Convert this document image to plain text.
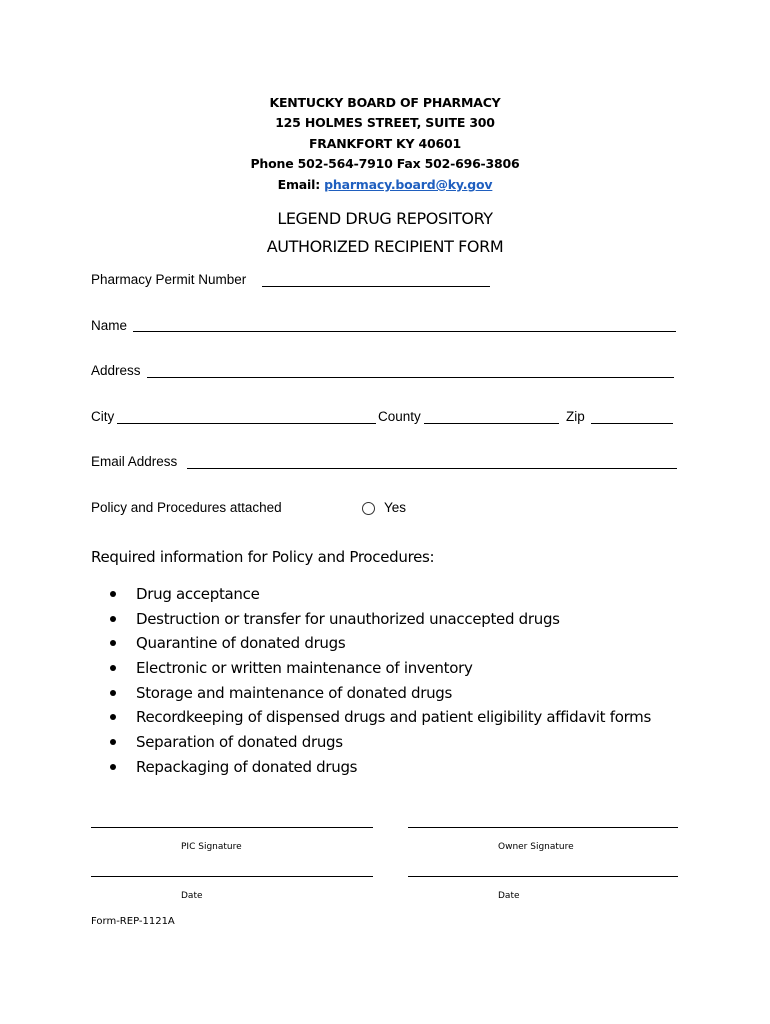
KENTUCKY BOARD OF PHARMACY
125 HOLMES STREET, SUITE 300
FRANKFORT KY 40601
Phone 502-564-7910 Fax 502-696-3806
Email: pharmacy.board@ky.gov
LEGEND DRUG REPOSITORY
AUTHORIZED RECIPIENT FORM
Pharmacy Permit Number
Name
Address
City	County	Zip
Email Address
Policy and Procedures attached	Yes
Required information for Policy and Procedures:
Drug acceptance
Destruction or transfer for unauthorized unaccepted drugs
Quarantine of donated drugs
Electronic or written maintenance of inventory
Storage and maintenance of donated drugs
Recordkeeping of dispensed drugs and patient eligibility affidavit forms
Separation of donated drugs
Repackaging of donated drugs
PIC Signature	Owner Signature
Date	Date
Form-REP-1121A
